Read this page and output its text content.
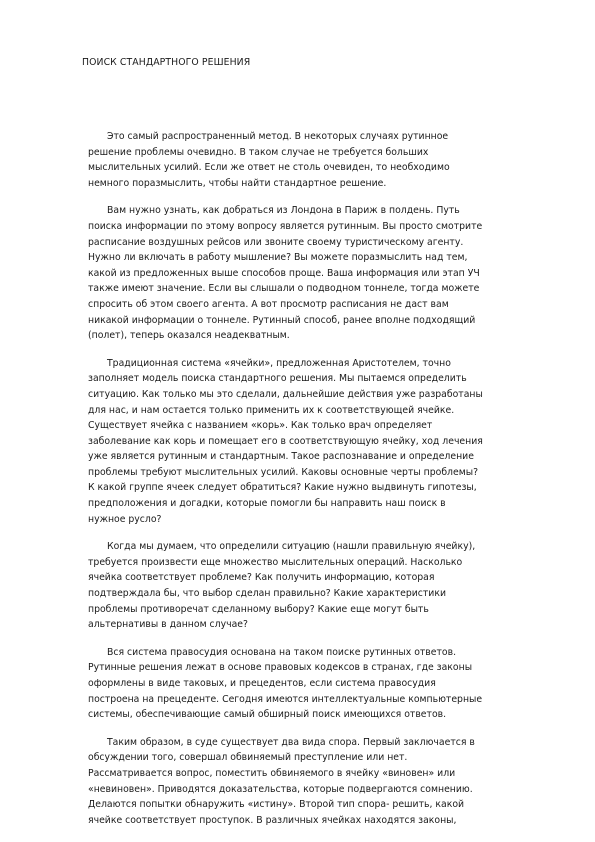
ПОИСК СТАНДАРТНОГО РЕШЕНИЯ

Это самый распространенный метод. В некоторых случаях рутинное
решение проблемы очевидно. В таком случае не требуется больших
мыслительных усилий. Если же ответ не столь очевиден, то необходимо
немного поразмыслить, чтобы найти стандартное решение.

Вам нужно узнать, как добраться из Лондона в Париж в полдень. Путь
поиска информации по этому вопросу является рутинным. Вы просто смотрите
расписание воздушных рейсов или звоните своему туристическому агенту.
Нужно ли включать в работу мышление? Вы можете поразмыслить над тем,
какой из предложенных выше способов проще. Ваша информация или этап УЧ
также имеют значение. Если вы слышали о подводном тоннеле, тогда можете
спросить об этом своего агента. А вот просмотр расписания не даст вам
никакой информации о тоннеле. Рутинный способ, ранее вполне подходящий
(полет), теперь оказался неадекватным.

Традиционная система «ячейки», предложенная Аристотелем, точно
заполняет модель поиска стандартного решения. Мы пытаемся определить
ситуацию. Как только мы это сделали, дальнейшие действия уже разработаны
для нас, и нам остается только применить их к соответствующей ячейке.
Существует ячейка с названием «корь». Как только врач определяет
заболевание как корь и помещает его в соответствующую ячейку, ход лечения
уже является рутинным и стандартным. Такое распознавание и определение
проблемы требуют мыслительных усилий. Каковы основные черты проблемы?
К какой группе ячеек следует обратиться? Какие нужно выдвинуть гипотезы,
предположения и догадки, которые помогли бы направить наш поиск в
нужное русло?

Когда мы думаем, что определили ситуацию (нашли правильную ячейку),
требуется произвести еще множество мыслительных операций. Насколько
ячейка соответствует проблеме? Как получить информацию, которая
подтверждала бы, что выбор сделан правильно? Какие характеристики
проблемы противоречат сделанному выбору? Какие еще могут быть
альтернативы в данном случае?

Вся система правосудия основана на таком поиске рутинных ответов.
Рутинные решения лежат в основе правовых кодексов в странах, где законы
оформлены в виде таковых, и прецедентов, если система правосудия
построена на прецеденте. Сегодня имеются интеллектуальные компьютерные
системы, обеспечивающие самый обширный поиск имеющихся ответов.

Таким образом, в суде существует два вида спора. Первый заключается в
обсуждении того, совершал обвиняемый преступление или нет.
Рассматривается вопрос, поместить обвиняемого в ячейку «виновен» или
«невиновен». Приводятся доказательства, которые подвергаются сомнению.
Делаются попытки обнаружить «истину». Второй тип спора- решить, какой
ячейке соответствует проступок. В различных ячейках находятся законы,
